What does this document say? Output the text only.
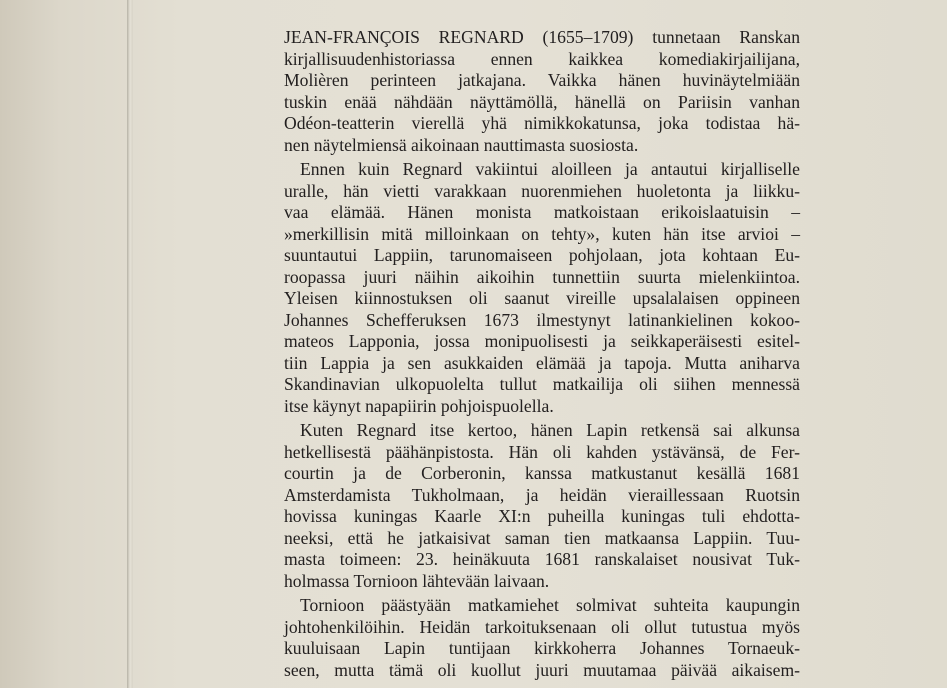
JEAN-FRANÇOIS REGNARD (1655–1709) tunnetaan Ranskan
kirjallisuudenhistoriassa ennen kaikkea komediakirjailijana,
Molièren perinteen jatkajana. Vaikka hänen huvinäytelmiään
tuskin enää nähdään näyttämöllä, hänellä on Pariisin vanhan
Odéon-teatterin vierellä yhä nimikkokatunsa, joka todistaa hä-
nen näytelmiensä aikoinaan nauttimasta suosiosta.
Ennen kuin Regnard vakiintui aloilleen ja antautui kirjalliselle
uralle, hän vietti varakkaan nuorenmiehen huoletonta ja liikku-
vaa elämää. Hänen monista matkoistaan erikoislaatuisin –
»merkillisin mitä milloinkaan on tehty», kuten hän itse arvioi –
suuntautui Lappiin, tarunomaiseen pohjolaan, jota kohtaan Eu-
roopassa juuri näihin aikoihin tunnettiin suurta mielenkiintoa.
Yleisen kiinnostuksen oli saanut vireille upsalalaisen oppineen
Johannes Schefferuksen 1673 ilmestynyt latinankielinen kokoo-
mateos Lapponia, jossa monipuolisesti ja seikkaperäisesti esitel-
tiin Lappia ja sen asukkaiden elämää ja tapoja. Mutta aniharva
Skandinavian ulkopuolelta tullut matkailija oli siihen mennessä
itse käynyt napapiirin pohjoispuolella.
Kuten Regnard itse kertoo, hänen Lapin retkensä sai alkunsa
hetkellisestä päähänpistosta. Hän oli kahden ystävänsä, de Fer-
courtin ja de Corberonin, kanssa matkustanut kesällä 1681
Amsterdamista Tukholmaan, ja heidän vieraillessaan Ruotsin
hovissa kuningas Kaarle XI:n puheilla kuningas tuli ehdotta-
neeksi, että he jatkaisivat saman tien matkaansa Lappiin. Tuu-
masta toimeen: 23. heinäkuuta 1681 ranskalaiset nousivat Tuk-
holmassa Tornioon lähtevään laivaan.
Tornioon päästyään matkamiehet solmivat suhteita kaupungin
johtohenkilöihin. Heidän tarkoituksenaan oli ollut tutustua myös
kuuluisaan Lapin tuntijaan kirkkoherra Johannes Tornaeuk-
seen, mutta tämä oli kuollut juuri muutamaa päivää aikaisem-
